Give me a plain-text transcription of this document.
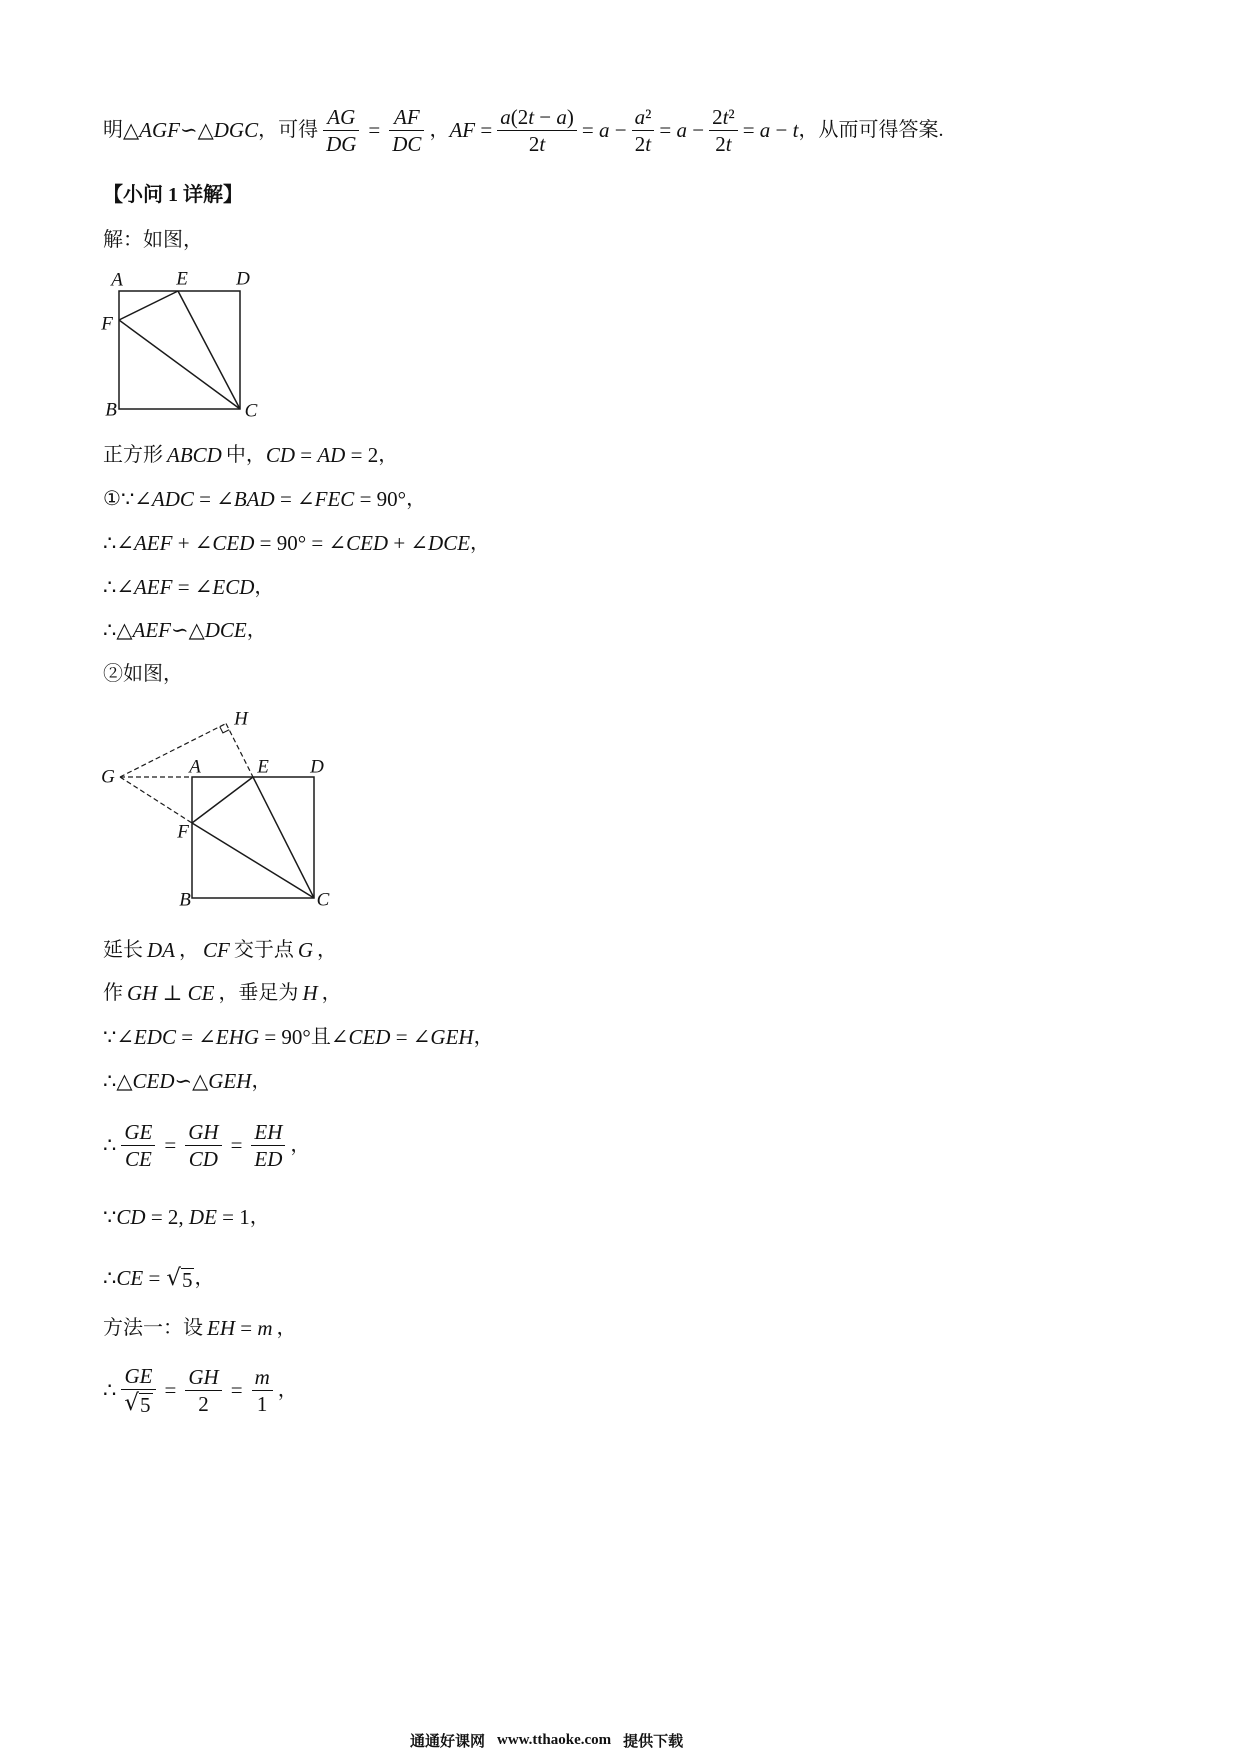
明 △AGF∽△DGC ，可得 $\frac{AG}{DG} = \frac{AF}{DC}$ ， AF = $\frac{a(2t - a)}{2 t} = a - \frac{\text{a²}}{2 t} = a - \frac{\text{2t²}}{2 t} = a - t$ ，从而可得答案.
【小问 1 详解】
解：如图，
A	E	D
F
B	C
正方形 ABCD 中， CD = AD = 2 ，
① ∵∠ADC = ∠BAD = ∠FEC = 90° ，
∴∠AEF + ∠CED = 90° = ∠CED + ∠DCE ，
∴∠AEF = ∠ECD ，
∴△AEF∽△DCE ，
②如图，
H
G	A	E D
F
B	C
延长 DA ， CF 交于点 G ，
作 GH ⊥ CE ，垂足为 H ，
∵∠EDC = ∠EHG = 90° 且 ∠CED = ∠GEH ，
∴△CED∽△GEH ，
∴ $\frac{GE}{CE} = \frac{GH}{CD} = \frac{EH}{ED}$ ，
∵CD = 2, DE = 1 ，
∴CE = √ 5 ，
方法一：设 EH = m ，
∴ $\frac{GE}{√ 5} = \frac{GH}{2} = \frac{m}{1}$ ，
通通好课网 www.tthaoke.com 提供下载
